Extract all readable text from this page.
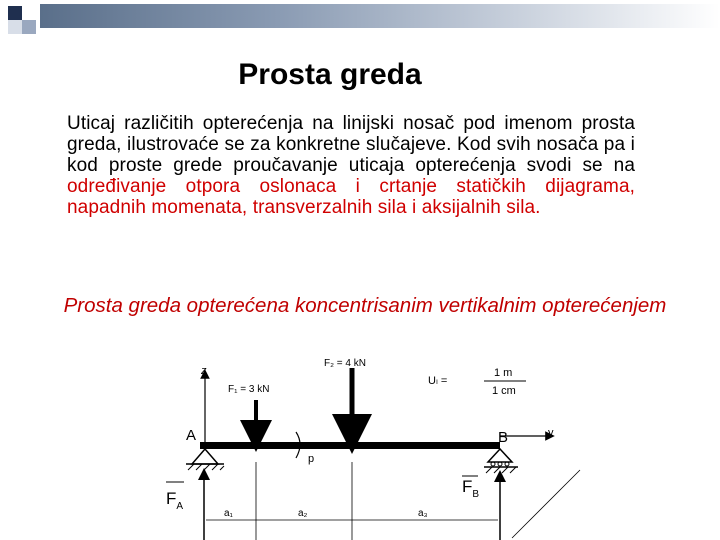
Prosta greda
Uticaj različitih opterećenja na linijski nosač pod imenom prosta greda, ilustrovaće se za konkretne slučajeve. Kod svih nosača pa i kod proste grede proučavanje uticaja opterećenja svodi se na određivanje otpora oslonaca i crtanje statičkih dijagrama, napadnih momenata, transverzalnih sila i aksijalnih sila.
Prosta greda opterećena koncentrisanim vertikalnim opterećenjem
z
y
A	B
F₁ = 3 kN
F₂ = 4 kN
p
Uₗ =
1 m
1 cm
$F_A$
$F_B$
a₁	a₂	a₃
